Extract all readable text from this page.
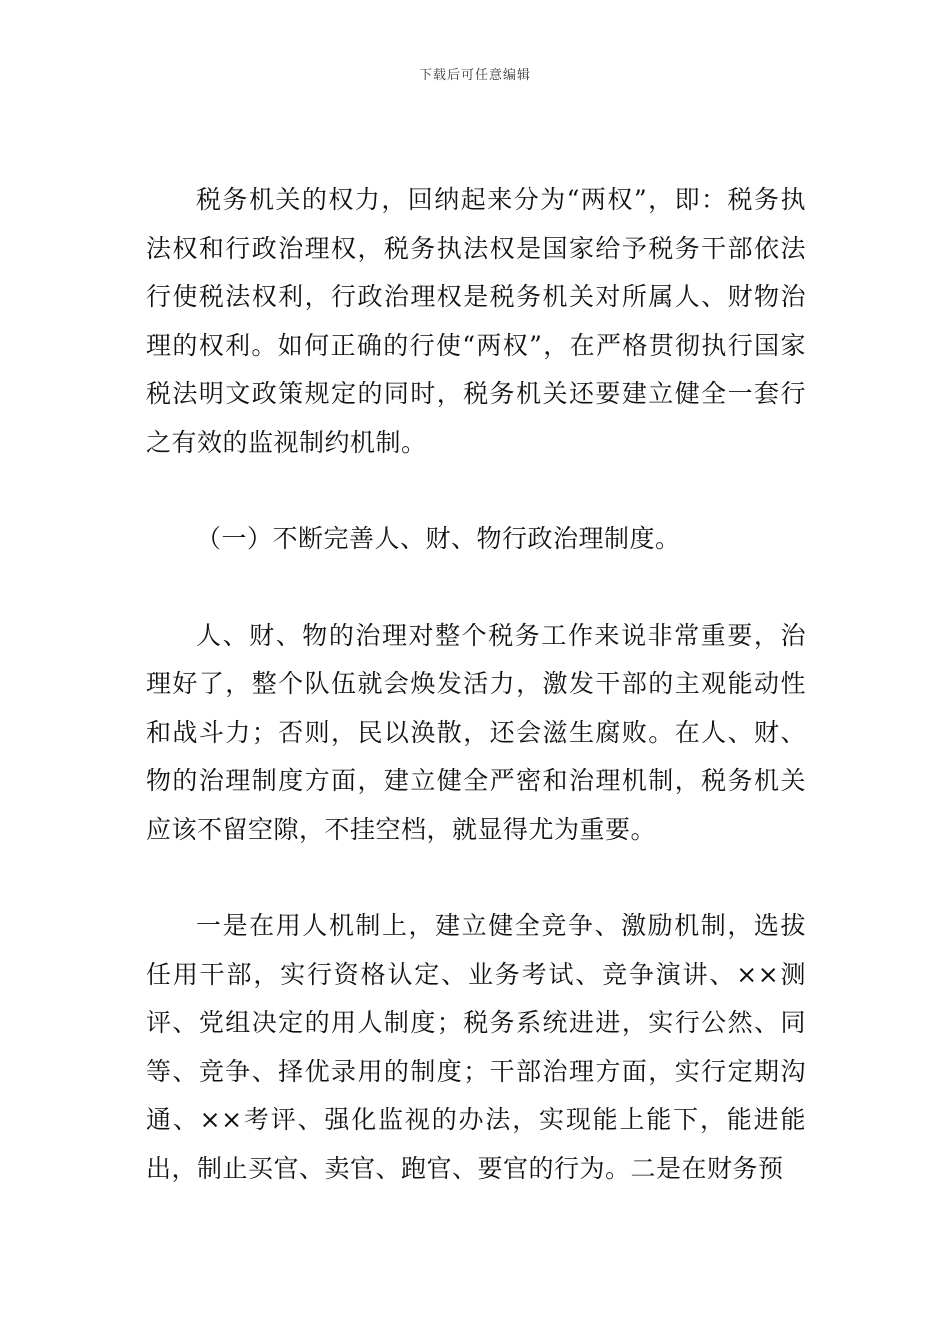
下载后可任意编辑

税务机关的权力，回纳起来分为“两权”，即：税务执法权和行政治理权，税务执法权是国家给予税务干部依法行使税法权利，行政治理权是税务机关对所属人、财物治理的权利。如何正确的行使“两权”，在严格贯彻执行国家税法明文政策规定的同时，税务机关还要建立健全一套行之有效的监视制约机制。

（一）不断完善人、财、物行政治理制度。

人、财、物的治理对整个税务工作来说非常重要，治理好了，整个队伍就会焕发活力，激发干部的主观能动性和战斗力；否则，民以涣散，还会滋生腐败。在人、财、物的治理制度方面，建立健全严密和治理机制，税务机关应该不留空隙，不挂空档，就显得尤为重要。

一是在用人机制上，建立健全竞争、激励机制，选拔任用干部，实行资格认定、业务考试、竞争演讲、××测评、党组决定的用人制度；税务系统进进，实行公然、同等、竞争、择优录用的制度；干部治理方面，实行定期沟通、××考评、强化监视的办法，实现能上能下，能进能出，制止买官、卖官、跑官、要官的行为。二是在财务预
